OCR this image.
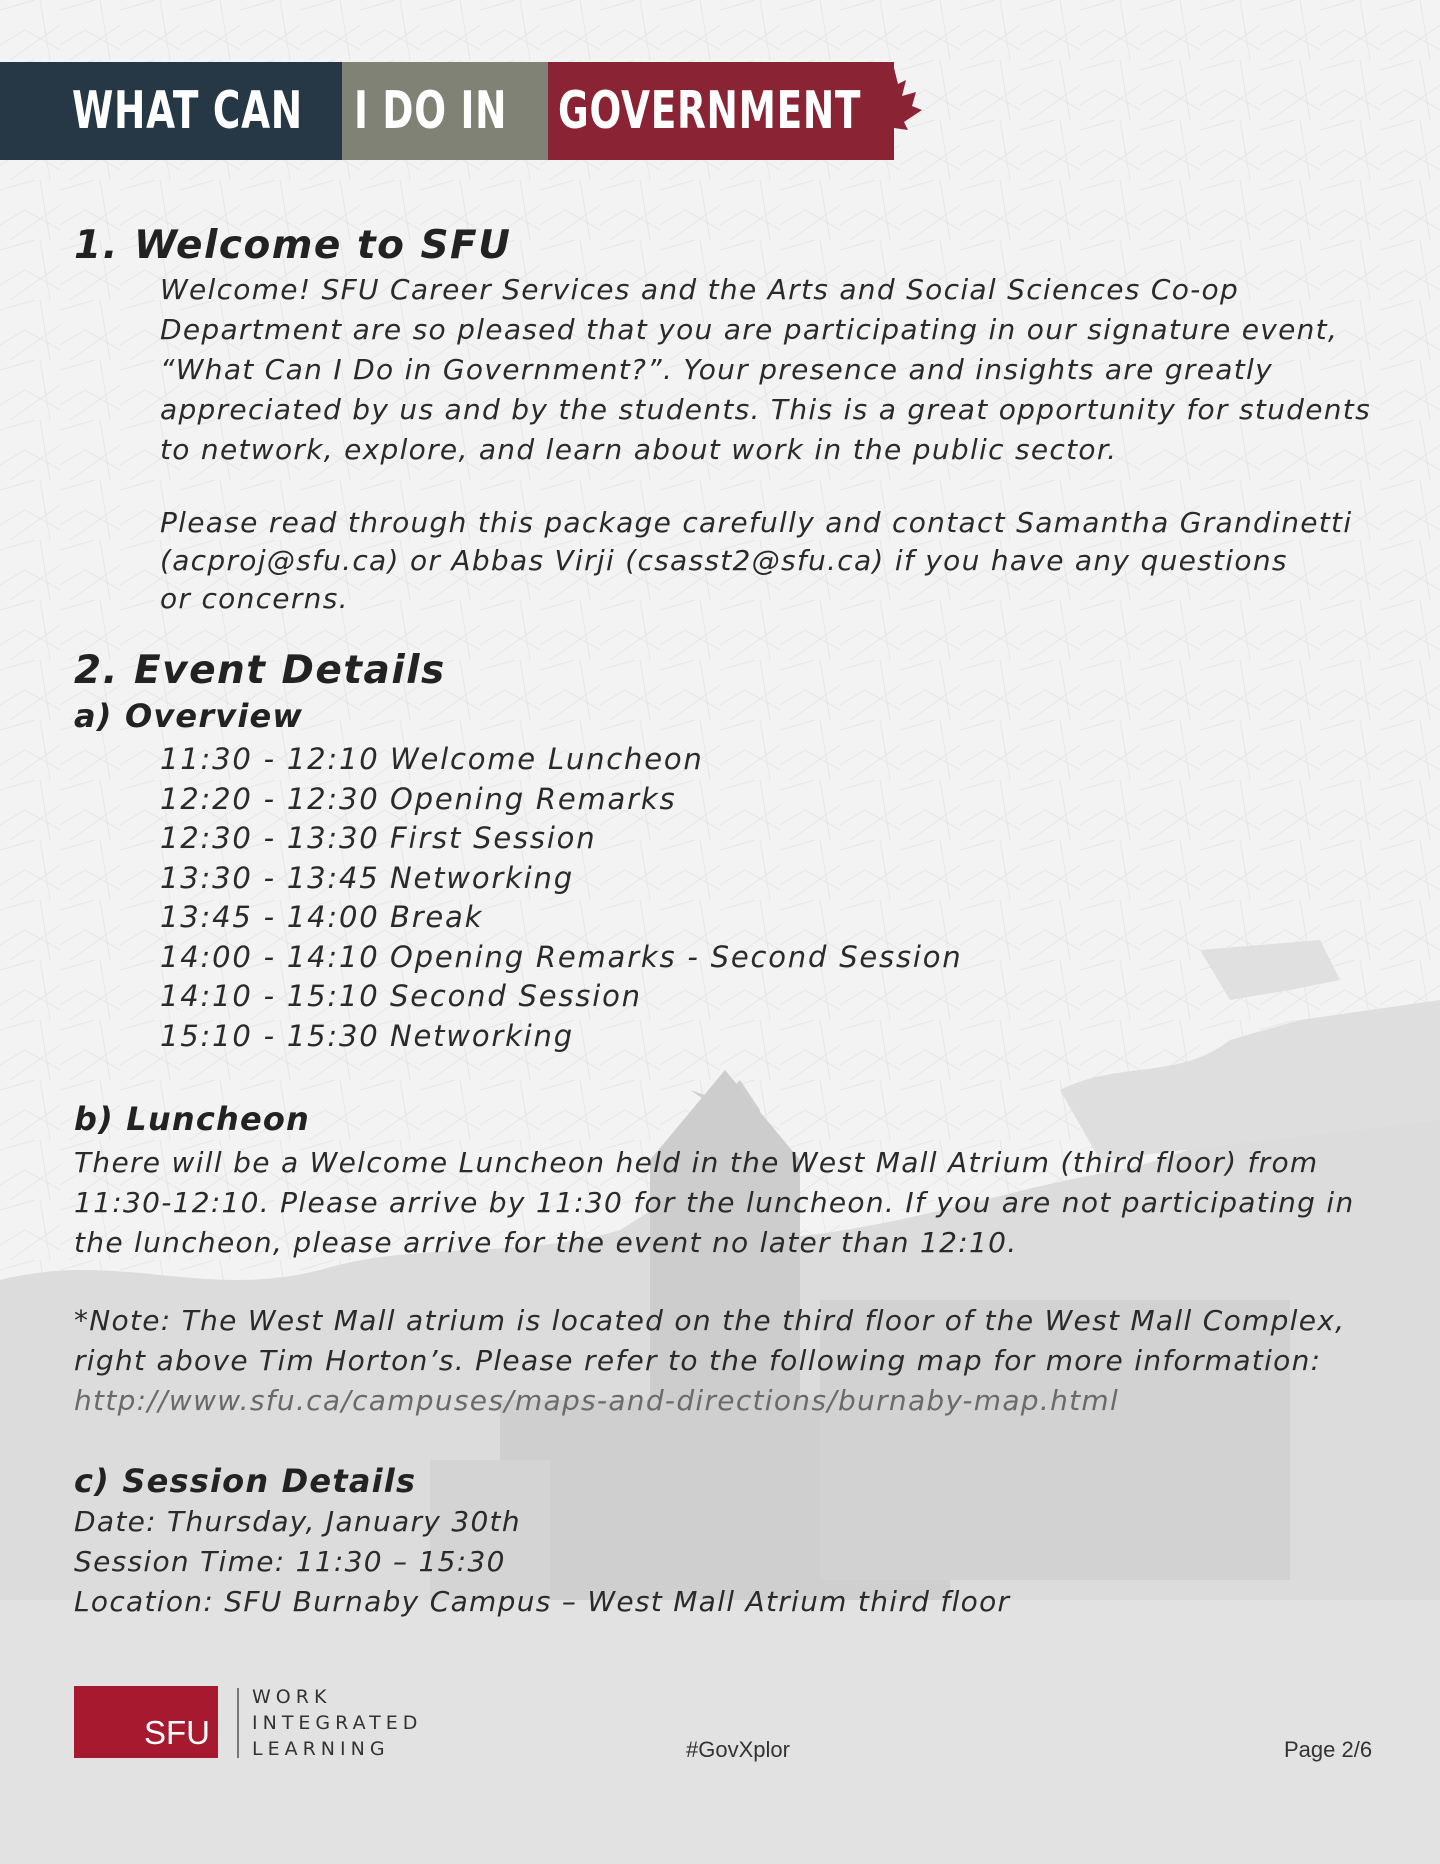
WHAT CAN I DO IN GOVERNMENT
1. Welcome to SFU
Welcome! SFU Career Services and the Arts and Social Sciences Co-op
Department are so pleased that you are participating in our signature event,
“What Can I Do in Government?”. Your presence and insights are greatly
appreciated by us and by the students. This is a great opportunity for students
to network, explore, and learn about work in the public sector.
Please read through this package carefully and contact Samantha Grandinetti
(acproj@sfu.ca) or Abbas Virji (csasst2@sfu.ca) if you have any questions
or concerns.
2. Event Details
a) Overview
11:30 - 12:10 Welcome Luncheon
12:20 - 12:30 Opening Remarks
12:30 - 13:30 First Session
13:30 - 13:45 Networking
13:45 - 14:00 Break
14:00 - 14:10 Opening Remarks - Second Session
14:10 - 15:10 Second Session
15:10 - 15:30 Networking
b) Luncheon
There will be a Welcome Luncheon held in the West Mall Atrium (third floor) from
11:30-12:10. Please arrive by 11:30 for the luncheon. If you are not participating in
the luncheon, please arrive for the event no later than 12:10.
*Note: The West Mall atrium is located on the third floor of the West Mall Complex,
right above Tim Horton’s. Please refer to the following map for more information:
http://www.sfu.ca/campuses/maps-and-directions/burnaby-map.html
c) Session Details
Date: Thursday, January 30th
Session Time: 11:30 – 15:30
Location: SFU Burnaby Campus – West Mall Atrium third floor
SFU
WORK
INTEGRATED
LEARNING	#GovXplor	Page 2/6
